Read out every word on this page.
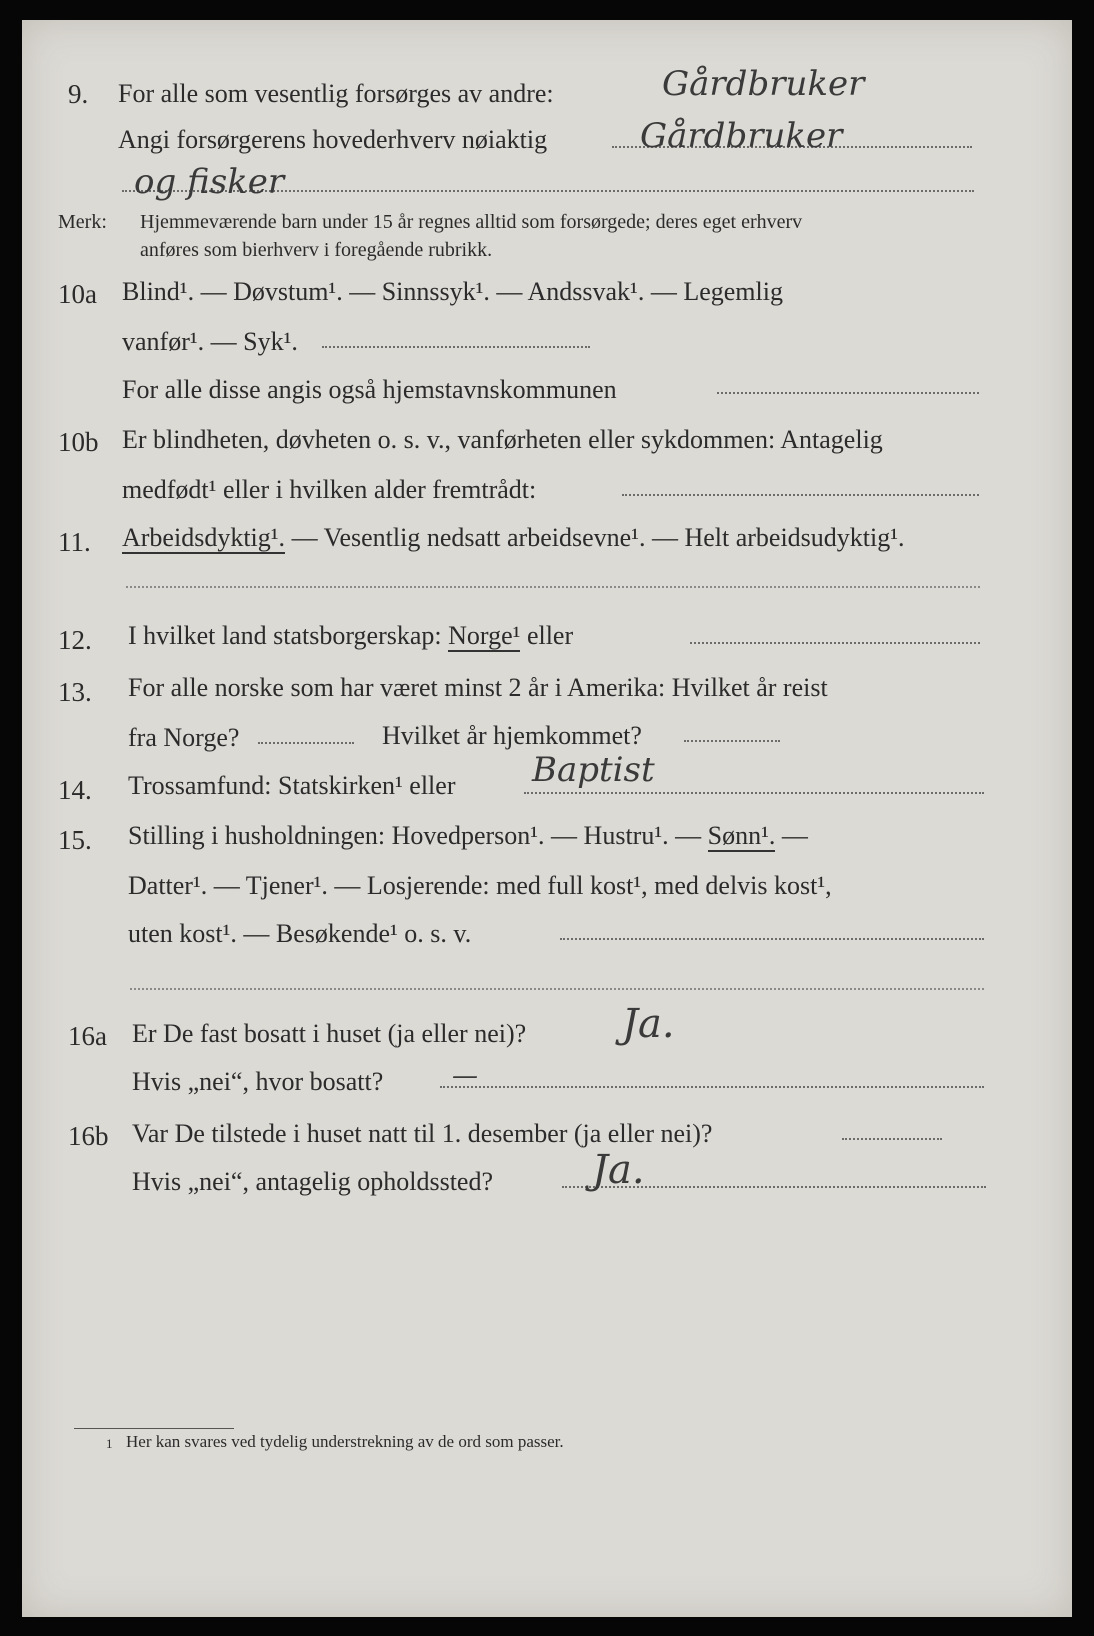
9. For alle som vesentlig forsørges av andre:	Gårdbruker
Angi forsørgerens hovederhverv nøiaktig	Gårdbruker
og fisker
Merk: Hjemmeværende barn under 15 år regnes alltid som forsørgede; deres eget erhverv
anføres som bierhverv i foregående rubrikk.
10a Blind¹. — Døvstum¹. — Sinnssyk¹. — Andssvak¹. — Legemlig
vanfør¹. — Syk¹.
For alle disse angis også hjemstavnskommunen
10b Er blindheten, døvheten o. s. v., vanførheten eller sykdommen: Antagelig
medfødt¹ eller i hvilken alder fremtrådt:
11. Arbeidsdyktig¹. — Vesentlig nedsatt arbeidsevne¹. — Helt arbeidsudyktig¹.
12. I hvilket land statsborgerskap: Norge¹ eller
13. For alle norske som har været minst 2 år i Amerika: Hvilket år reist
fra Norge?	Hvilket år hjemkommet?
14. Trossamfund: Statskirken¹ eller Baptist
15. Stilling i husholdningen: Hovedperson¹. — Hustru¹. — Sønn¹. —
Datter¹. — Tjener¹. — Losjerende: med full kost¹, med delvis kost¹,
uten kost¹. — Besøkende¹ o. s. v.
16a Er De fast bosatt i huset (ja eller nei)? Ja.
Hvis „nei“, hvor bosatt?	—
16b Var De tilstede i huset natt til 1. desember (ja eller nei)?
Hvis „nei“, antagelig opholdssted? Ja.
1 Her kan svares ved tydelig understrekning av de ord som passer.
